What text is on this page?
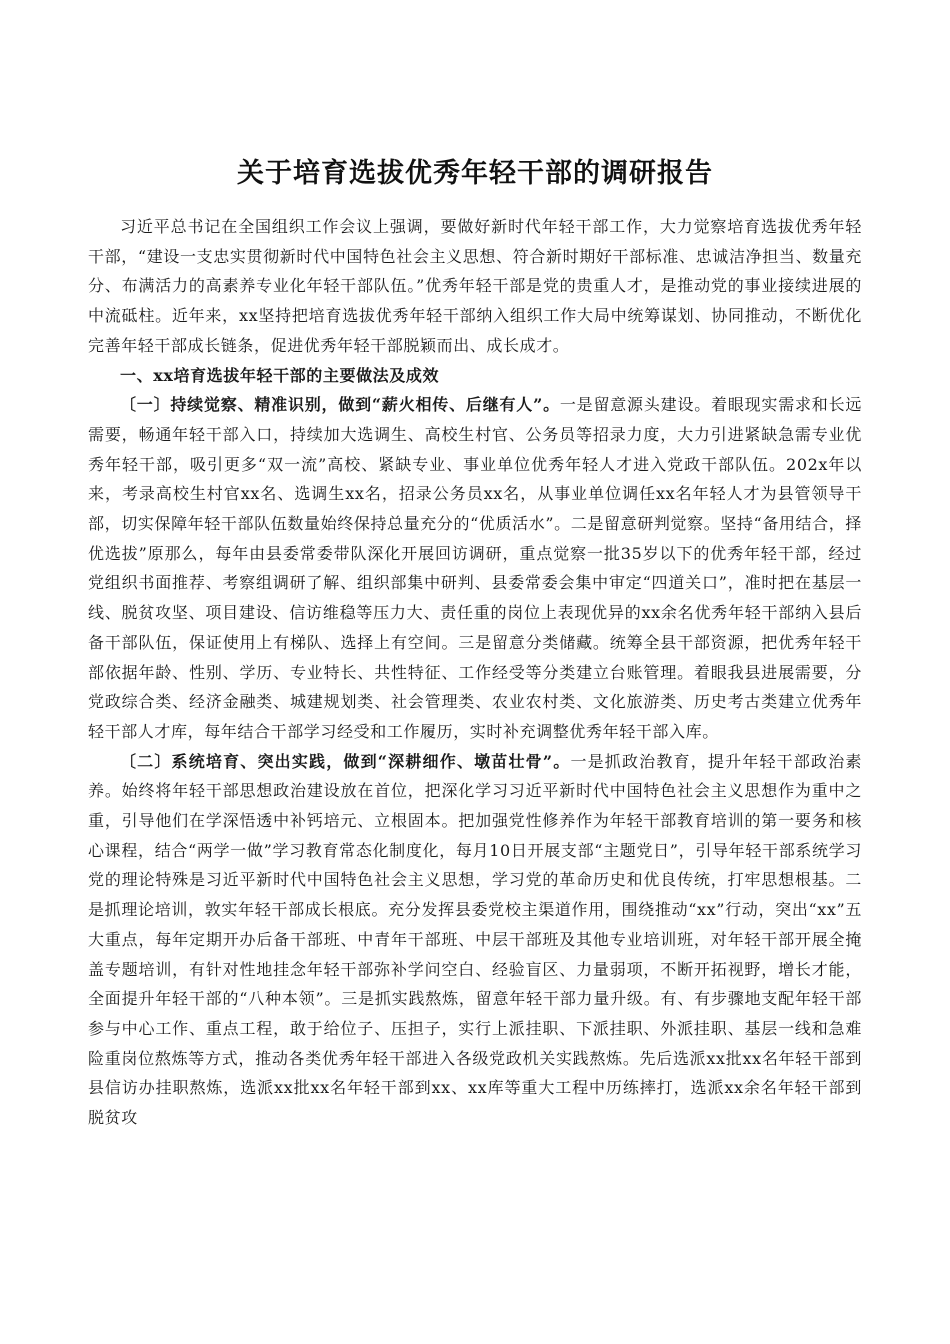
关于培育选拔优秀年轻干部的调研报告

习近平总书记在全国组织工作会议上强调，要做好新时代年轻干部工作，大力觉察培育选拔优秀年轻干部，“建设一支忠实贯彻新时代中国特色社会主义思想、符合新时期好干部标准、忠诚洁净担当、数量充分、布满活力的高素养专业化年轻干部队伍。”优秀年轻干部是党的贵重人才，是推动党的事业接续进展的中流砥柱。近年来，xx坚持把培育选拔优秀年轻干部纳入组织工作大局中统筹谋划、协同推动，不断优化完善年轻干部成长链条，促进优秀年轻干部脱颖而出、成长成才。

一、xx培育选拔年轻干部的主要做法及成效

〔一〕持续觉察、精准识别，做到“薪火相传、后继有人”。一是留意源头建设。着眼现实需求和长远需要，畅通年轻干部入口，持续加大选调生、高校生村官、公务员等招录力度，大力引进紧缺急需专业优秀年轻干部，吸引更多“双一流”高校、紧缺专业、事业单位优秀年轻人才进入党政干部队伍。202x年以来，考录高校生村官xx名、选调生xx名，招录公务员xx名，从事业单位调任xx名年轻人才为县管领导干部，切实保障年轻干部队伍数量始终保持总量充分的“优质活水”。二是留意研判觉察。坚持“备用结合，择优选拔”原那么，每年由县委常委带队深化开展回访调研，重点觉察一批35岁以下的优秀年轻干部，经过党组织书面推荐、考察组调研了解、组织部集中研判、县委常委会集中审定“四道关口”，准时把在基层一线、脱贫攻坚、项目建设、信访维稳等压力大、责任重的岗位上表现优异的xx余名优秀年轻干部纳入县后备干部队伍，保证使用上有梯队、选择上有空间。三是留意分类储藏。统筹全县干部资源，把优秀年轻干部依据年龄、性别、学历、专业特长、共性特征、工作经受等分类建立台账管理。着眼我县进展需要，分党政综合类、经济金融类、城建规划类、社会管理类、农业农村类、文化旅游类、历史考古类建立优秀年轻干部人才库，每年结合干部学习经受和工作履历，实时补充调整优秀年轻干部入库。

〔二〕系统培育、突出实践，做到“深耕细作、墩苗壮骨”。一是抓政治教育，提升年轻干部政治素养。始终将年轻干部思想政治建设放在首位，把深化学习习近平新时代中国特色社会主义思想作为重中之重，引导他们在学深悟透中补钙培元、立根固本。把加强党性修养作为年轻干部教育培训的第一要务和核心课程，结合“两学一做”学习教育常态化制度化，每月10日开展支部“主题党日”，引导年轻干部系统学习党的理论特殊是习近平新时代中国特色社会主义思想，学习党的革命历史和优良传统，打牢思想根基。二是抓理论培训，敦实年轻干部成长根底。充分发挥县委党校主渠道作用，围绕推动“xx”行动，突出“xx”五大重点，每年定期开办后备干部班、中青年干部班、中层干部班及其他专业培训班，对年轻干部开展全掩盖专题培训，有针对性地挂念年轻干部弥补学问空白、经验盲区、力量弱项，不断开拓视野，增长才能，全面提升年轻干部的“八种本领”。三是抓实践熬炼，留意年轻干部力量升级。有、有步骤地支配年轻干部参与中心工作、重点工程，敢于给位子、压担子，实行上派挂职、下派挂职、外派挂职、基层一线和急难险重岗位熬炼等方式，推动各类优秀年轻干部进入各级党政机关实践熬炼。先后选派xx批xx名年轻干部到县信访办挂职熬炼，选派xx批xx名年轻干部到xx、xx库等重大工程中历练摔打，选派xx余名年轻干部到脱贫攻
